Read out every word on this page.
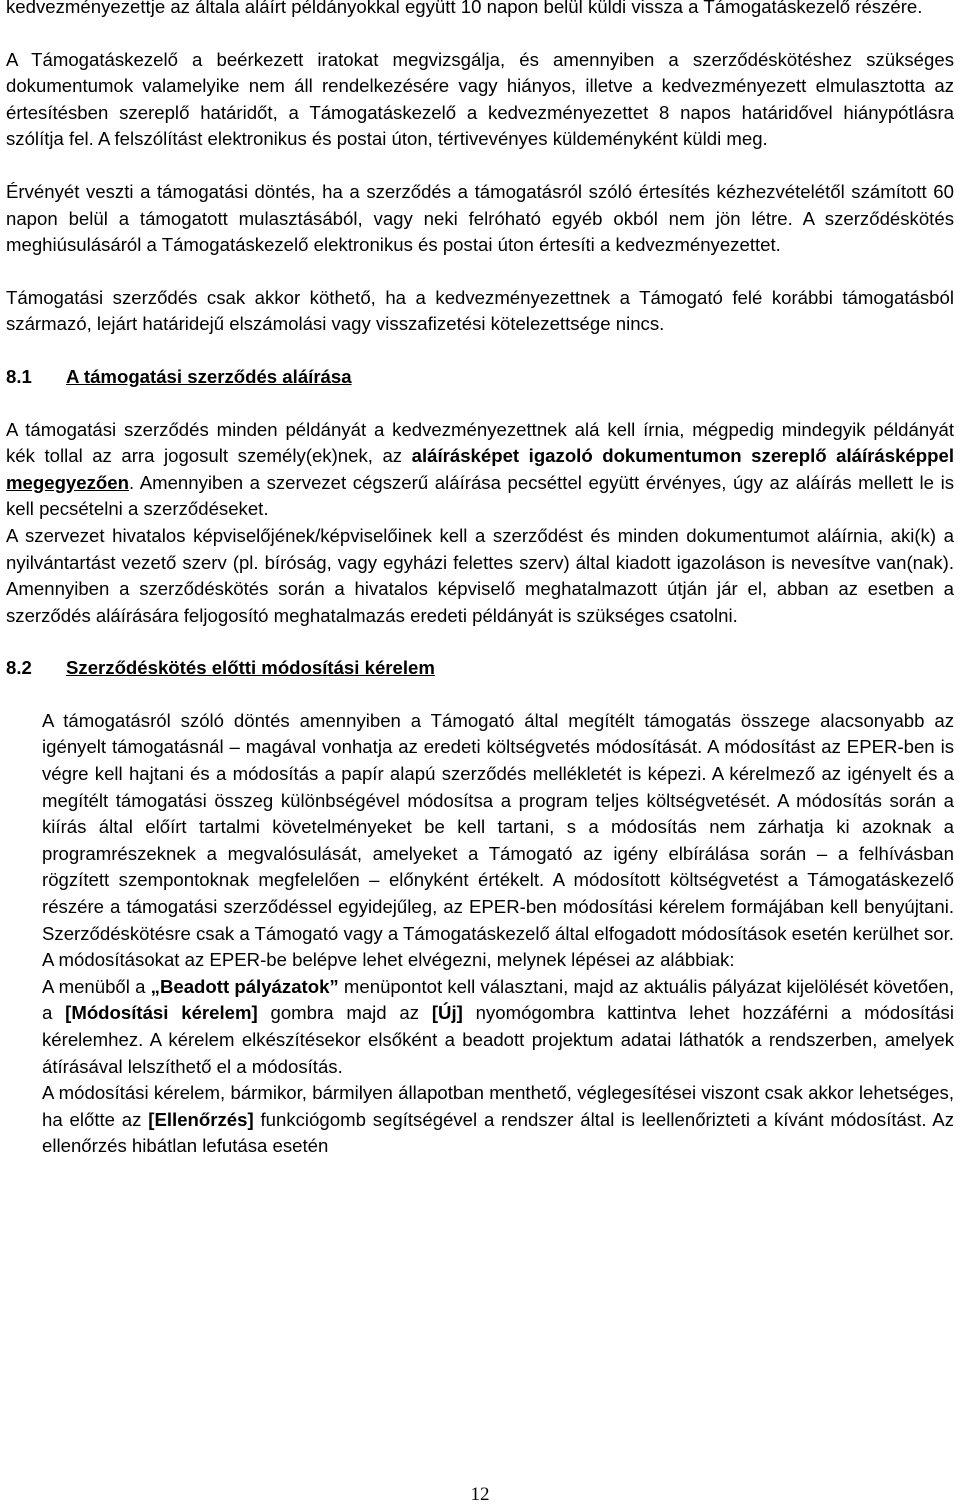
kedvezményezettje az általa aláírt példányokkal együtt 10 napon belül küldi vissza a Támogatáskezelő részére.

A Támogatáskezelő a beérkezett iratokat megvizsgálja, és amennyiben a szerződéskötéshez szükséges dokumentumok valamelyike nem áll rendelkezésére vagy hiányos, illetve a kedvezményezett elmulasztotta az értesítésben szereplő határidőt, a Támogatáskezelő a kedvezményezettet 8 napos határidővel hiánypótlásra szólítja fel. A felszólítást elektronikus és postai úton, tértivevényes küldeményként küldi meg.

Érvényét veszti a támogatási döntés, ha a szerződés a támogatásról szóló értesítés kézhezvételétől számított 60 napon belül a támogatott mulasztásából, vagy neki felróható egyéb okból nem jön létre. A szerződéskötés meghiúsulásáról a Támogatáskezelő elektronikus és postai úton értesíti a kedvezményezettet.

Támogatási szerződés csak akkor köthető, ha a kedvezményezettnek a Támogató felé korábbi támogatásból származó, lejárt határidejű elszámolási vagy visszafizetési kötelezettsége nincs.

8.1 A támogatási szerződés aláírása

A támogatási szerződés minden példányát a kedvezményezettnek alá kell írnia, mégpedig mindegyik példányát kék tollal az arra jogosult személy(ek)nek, az aláírásképet igazoló dokumentumon szereplő aláírásképpel megegyezően. Amennyiben a szervezet cégszerű aláírása pecséttel együtt érvényes, úgy az aláírás mellett le is kell pecsételni a szerződéseket.

A szervezet hivatalos képviselőjének/képviselőinek kell a szerződést és minden dokumentumot aláírnia, aki(k) a nyilvántartást vezető szerv (pl. bíróság, vagy egyházi felettes szerv) által kiadott igazoláson is nevesítve van(nak). Amennyiben a szerződéskötés során a hivatalos képviselő meghatalmazott útján jár el, abban az esetben a szerződés aláírására feljogosító meghatalmazás eredeti példányát is szükséges csatolni.

8.2 Szerződéskötés előtti módosítási kérelem

A támogatásról szóló döntés amennyiben a Támogató által megítélt támogatás összege alacsonyabb az igényelt támogatásnál – magával vonhatja az eredeti költségvetés módosítását. A módosítást az EPER-ben is végre kell hajtani és a módosítás a papír alapú szerződés mellékletét is képezi. A kérelmező az igényelt és a megítélt támogatási összeg különbségével módosítsa a program teljes költségvetését. A módosítás során a kiírás által előírt tartalmi követelményeket be kell tartani, s a módosítás nem zárhatja ki azoknak a programrészeknek a megvalósulását, amelyeket a Támogató az igény elbírálása során – a felhívásban rögzített szempontoknak megfelelően – előnyként értékelt. A módosított költségvetést a Támogatáskezelő részére a támogatási szerződéssel egyidejűleg, az EPER-ben módosítási kérelem formájában kell benyújtani. Szerződéskötésre csak a Támogató vagy a Támogatáskezelő által elfogadott módosítások esetén kerülhet sor.

A módosításokat az EPER-be belépve lehet elvégezni, melynek lépései az alábbiak:

A menüből a „Beadott pályázatok” menüpontot kell választani, majd az aktuális pályázat kijelölését követően, a [Módosítási kérelem] gombra majd az [Új] nyomógombra kattintva lehet hozzáférni a módosítási kérelemhez. A kérelem elkészítésekor elsőként a beadott projektum adatai láthatók a rendszerben, amelyek átírásával lelszíthető el a módosítás.

A módosítási kérelem, bármikor, bármilyen állapotban menthető, véglegesítései viszont csak akkor lehetséges, ha előtte az [Ellenőrzés] funkciógomb segítségével a rendszer által is leellenőrizteti a kívánt módosítást. Az ellenőrzés hibátlan lefutása esetén

12
